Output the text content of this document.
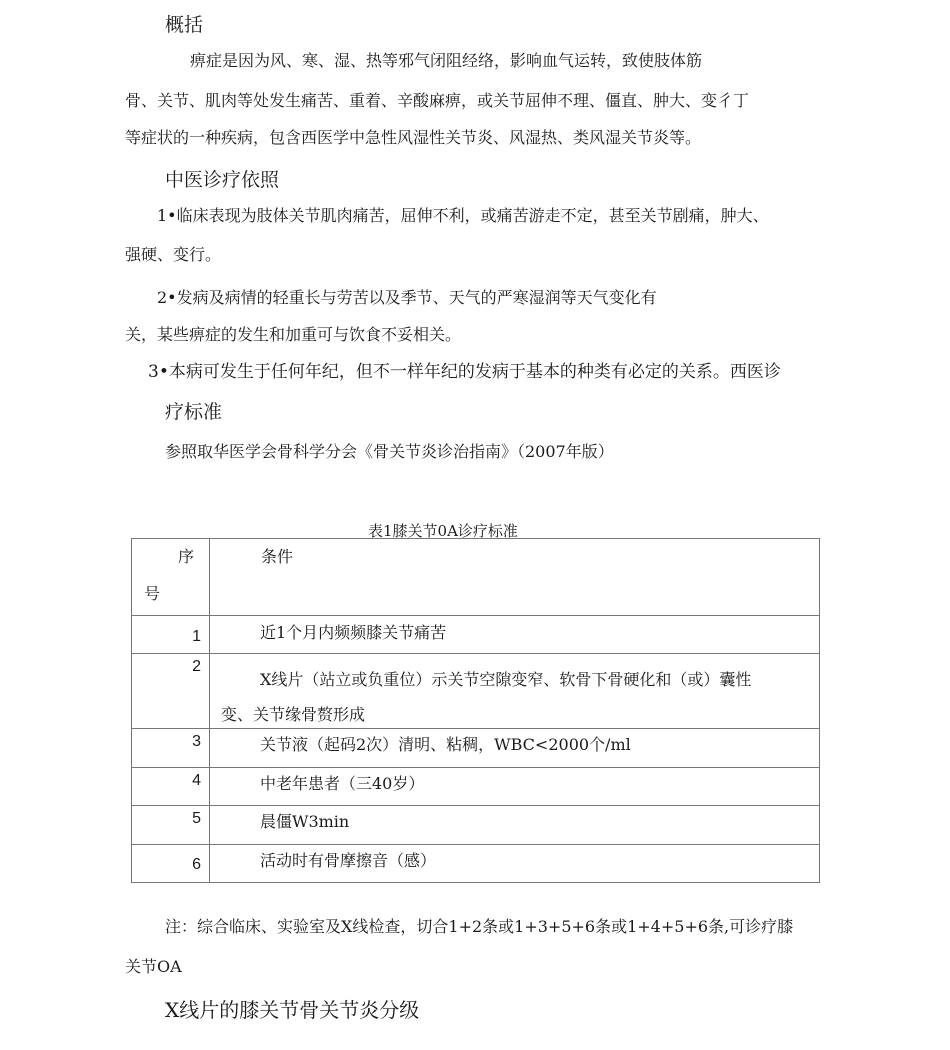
概括
痹症是因为风、寒、湿、热等邪气闭阻经络，影响血气运转，致使肢体筋
骨、关节、肌肉等处发生痛苦、重着、辛酸麻痹，或关节屈伸不理、僵直、肿大、变彳丁
等症状的一种疾病，包含西医学中急性风湿性关节炎、风湿热、类风湿关节炎等。
中医诊疗依照
1•临床表现为肢体关节肌肉痛苦，屈伸不利，或痛苦游走不定，甚至关节剧痛，肿大、
强硬、变行。
2•发病及病情的轻重长与劳苦以及季节、天气的严寒湿润等天气变化有
关，某些痹症的发生和加重可与饮食不妥相关。
3•本病可发生于任何年纪，但不一样年纪的发病于基本的种类有必定的关系。西医诊
疗标准
参照取华医学会骨科学分会《骨关节炎诊治指南》（2007年版）
表1膝关节0A诊疗标准
序
号	条件

1	近1个月内频频膝关节痛苦

2	X线片（站立或负重位）示关节空隙变窄、软骨下骨硬化和（或）囊性
变、关节缘骨赘形成

3	关节液（起码2次）清明、粘稠，WBC<2000个/ml

4	中老年患者（三40岁）

5	晨僵W3min

6	活动时有骨摩擦音（感）
注：综合临床、实验室及X线检查，切合1+2条或1+3+5+6条或1+4+5+6条,可诊疗膝
关节OA
X线片的膝关节骨关节炎分级
